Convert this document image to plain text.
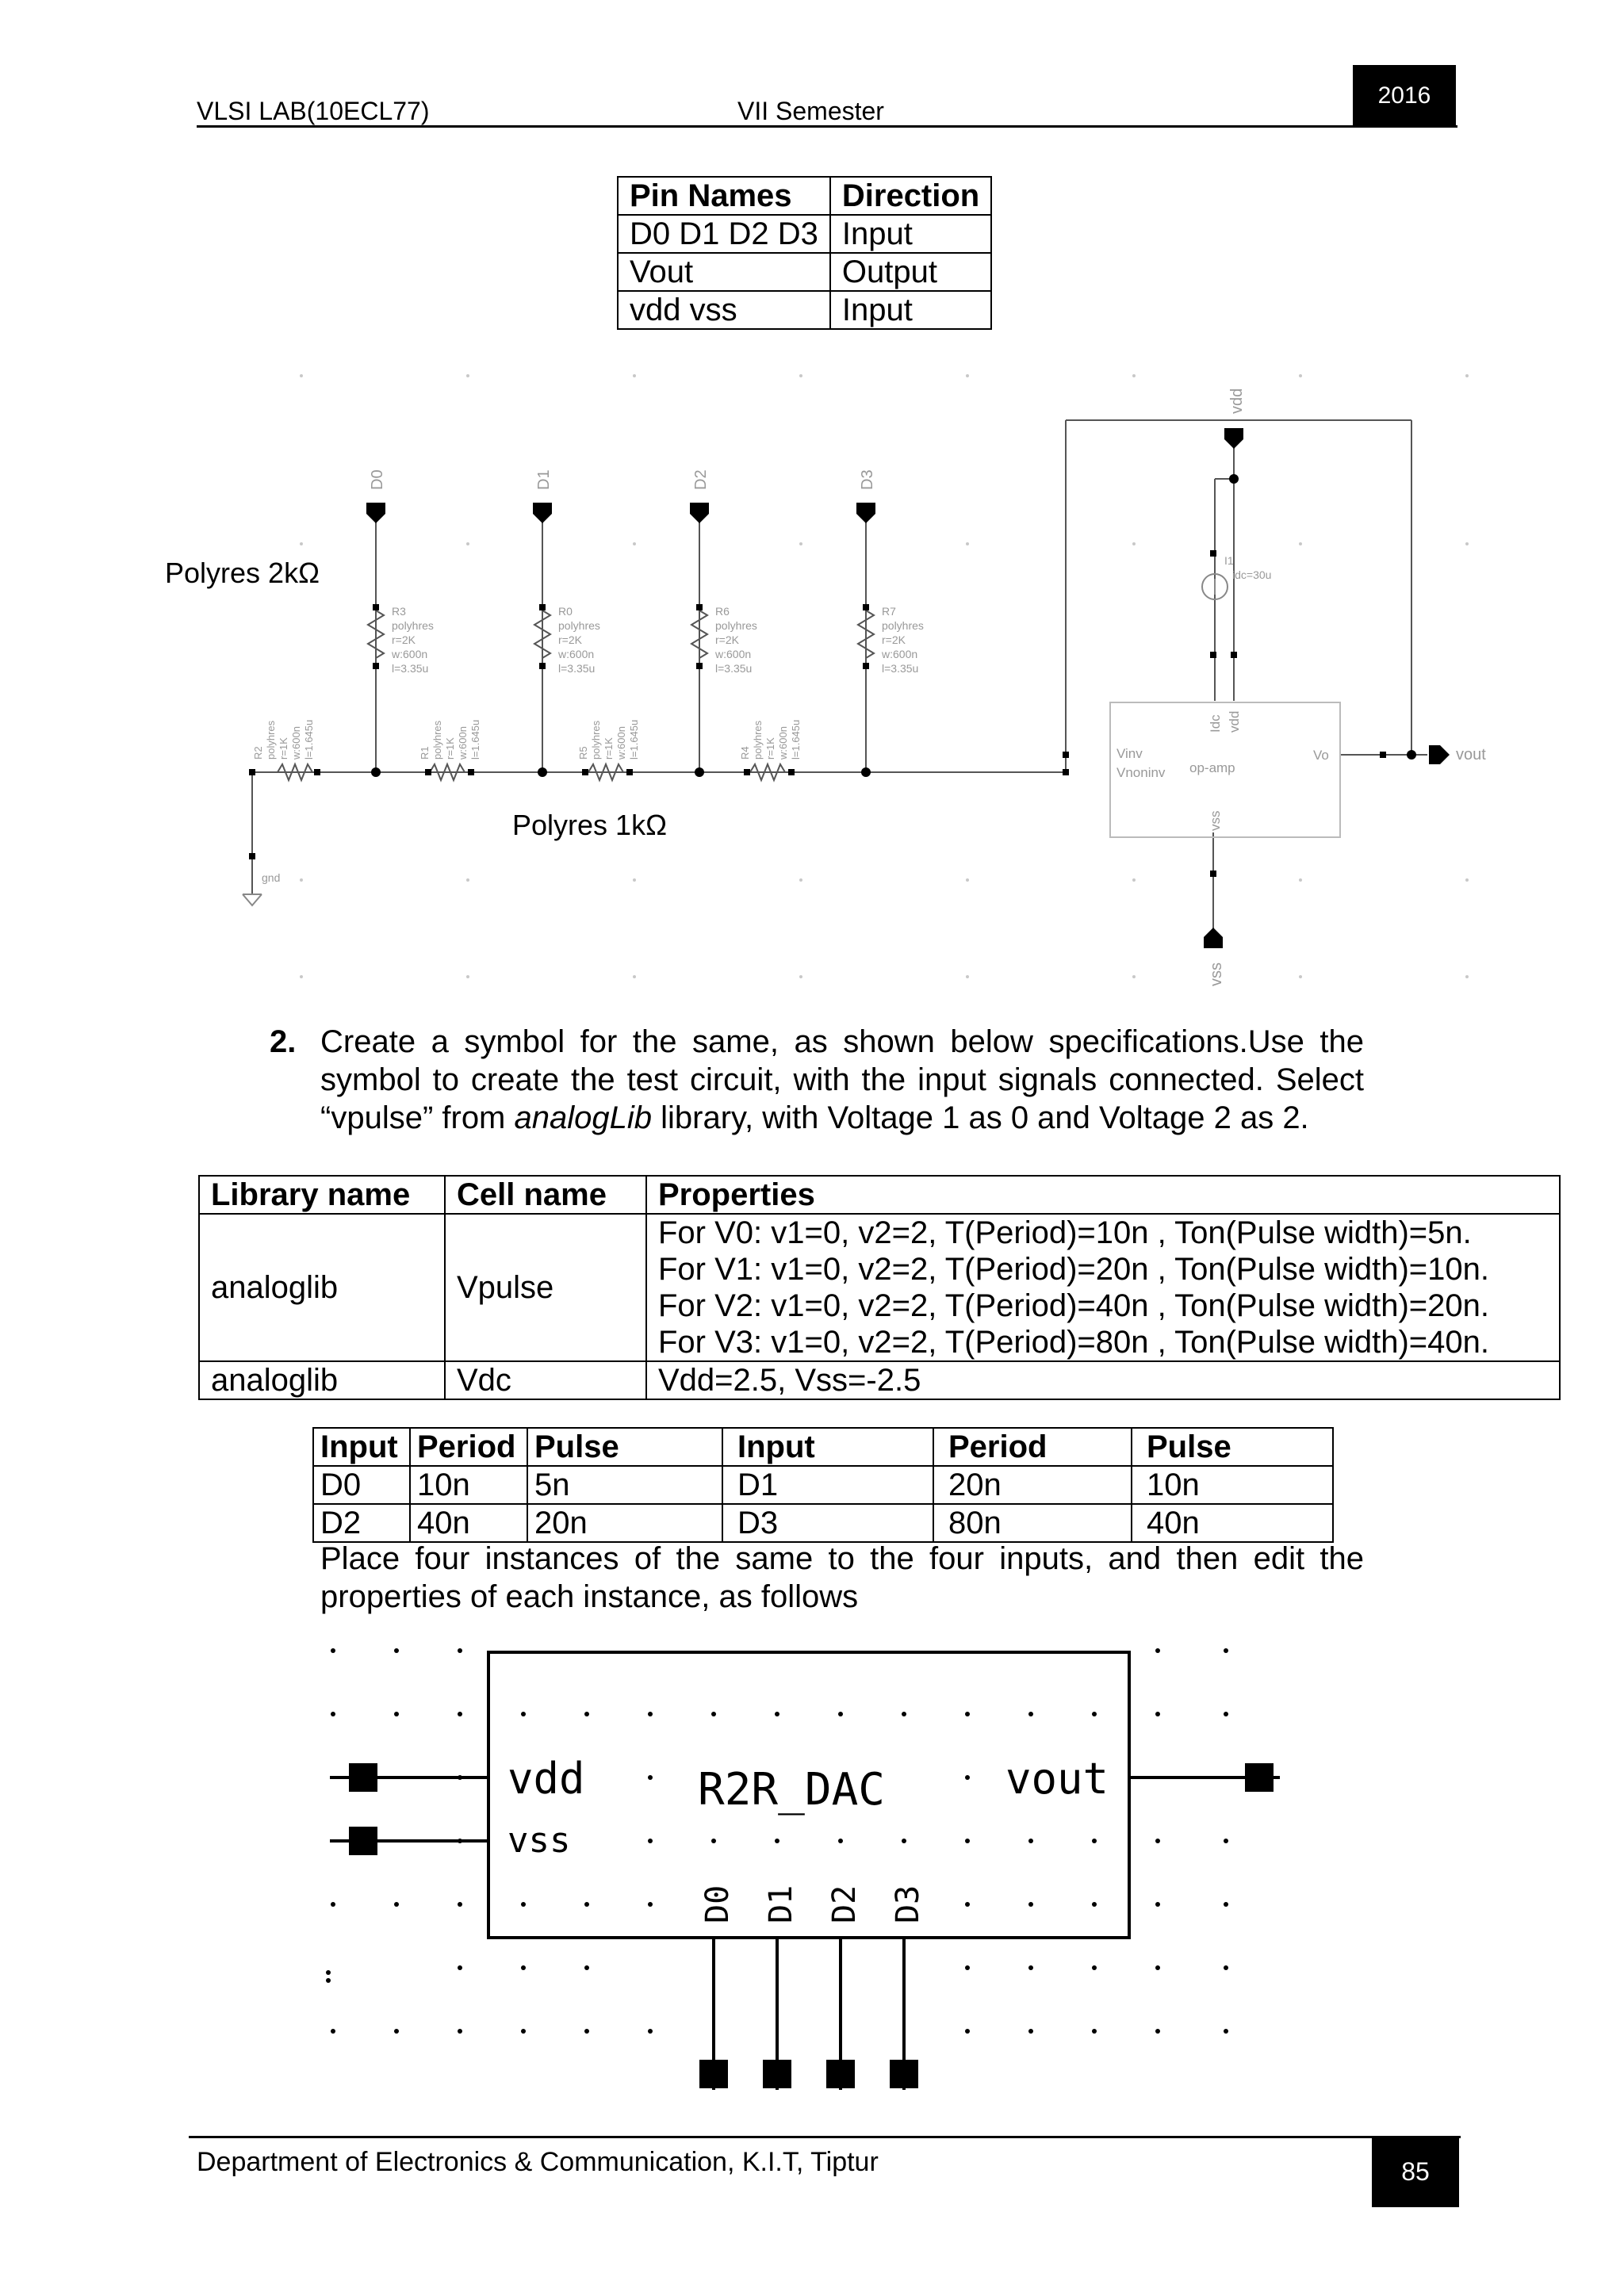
VLSI LAB(10ECL77)	VII Semester
2016
Pin Names	Direction
D0 D1 D2 D3	Input
Vout	Output
vdd vss	Input
D0	D1	D2	D3
vdd
vss
vout
gnd
R3
polyhres
r=2K
w:600n
l=3.35u
R0
polyhres
r=2K
w:600n
l=3.35u
R6
polyhres
r=2K
w:600n
l=3.35u
R7
polyhres
r=2K
w:600n
l=3.35u
R2 polyhres r=1K w:600n l=1.645u	R1 polyhres r=1K w:600n l=1.645u	R5 polyhres r=1K w:600n l=1.645u	R4 polyhres r=1K w:600n l=1.645u
I1
idc=30u
Vinv
Vnoninv op-amp
Vo
Idc vdd
vss
Polyres 2kΩ
Polyres 1kΩ
2. Create a symbol for the same, as shown below specifications.Use the symbol to create the test circuit, with the input signals connected. Select “vpulse” from analogLib library, with Voltage 1 as 0 and Voltage 2 as 2.
Library name	Cell name	Properties
analoglib	Vpulse	For V0: v1=0, v2=2, T(Period)=10n , Ton(Pulse width)=5n.
For V1: v1=0, v2=2, T(Period)=20n , Ton(Pulse width)=10n.
For V2: v1=0, v2=2, T(Period)=40n , Ton(Pulse width)=20n.
For V3: v1=0, v2=2, T(Period)=80n , Ton(Pulse width)=40n.

analoglib	Vdc	Vdd=2.5, Vss=-2.5
Input	Period	Pulse	Input	Period	Pulse
D0	10n	5n	D1	20n	10n
D2	40n	20n	D3	80n	40n
Place four instances of the same to the four inputs, and then edit the properties of each instance, as follows
vdd
vss
R2R_DAC	vout
D0 D1 D2 D3
Department of Electronics & Communication, K.I.T, Tiptur	85
